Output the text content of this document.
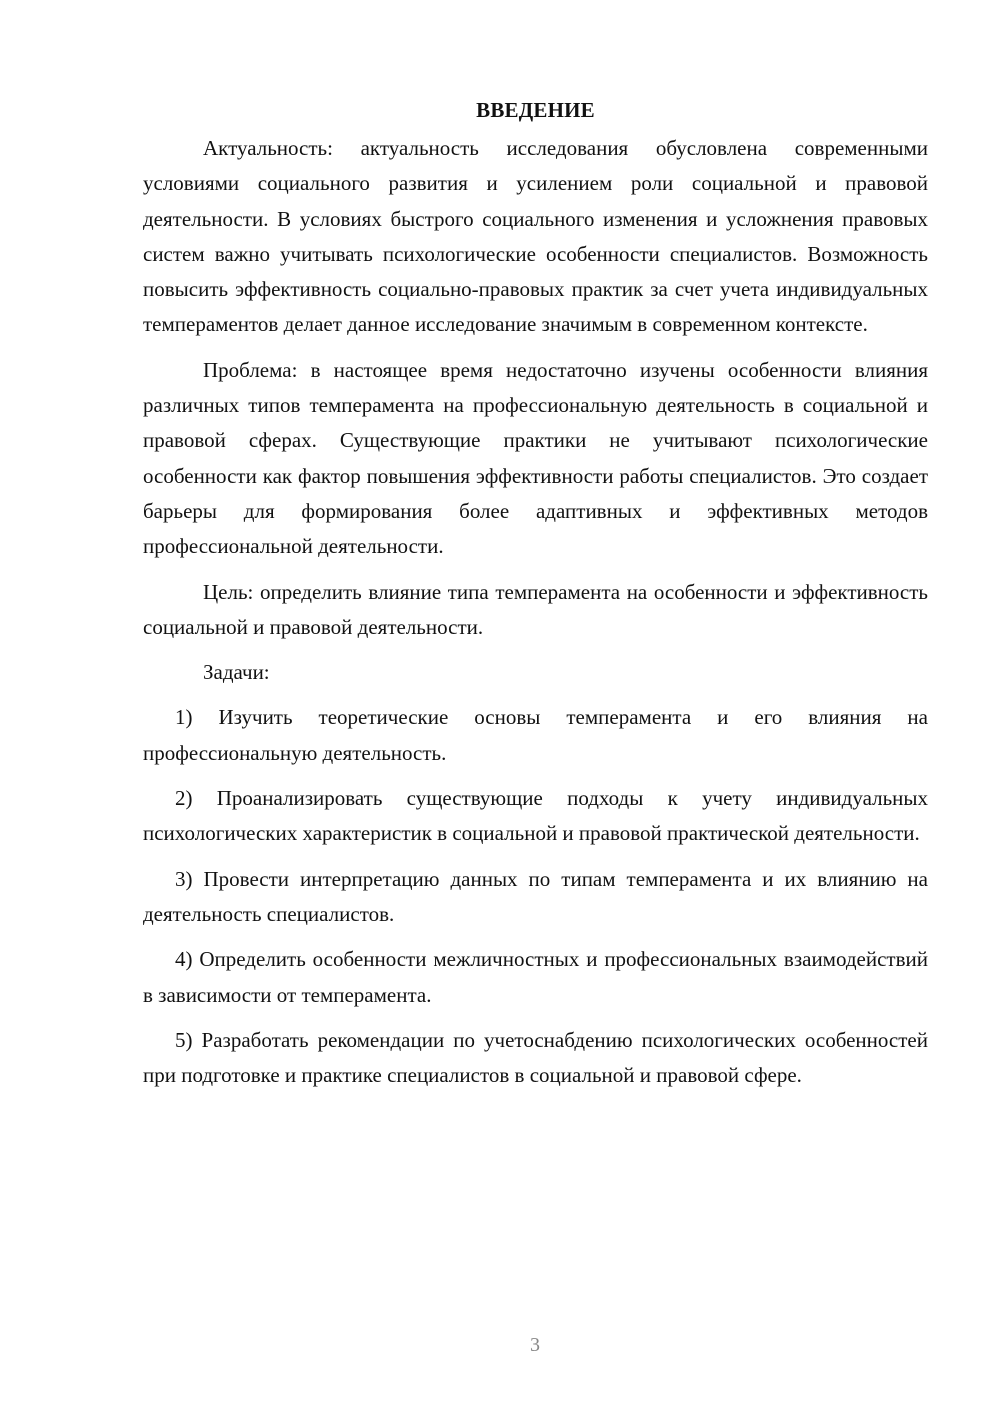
ВВЕДЕНИЕ

Актуальность: актуальность исследования обусловлена современными условиями социального развития и усилением роли социальной и правовой деятельности. В условиях быстрого социального изменения и усложнения правовых систем важно учитывать психологические особенности специалистов. Возможность повысить эффективность социально-правовых практик за счет учета индивидуальных темпераментов делает данное исследование значимым в современном контексте.

Проблема: в настоящее время недостаточно изучены особенности влияния различных типов темперамента на профессиональную деятельность в социальной и правовой сферах. Существующие практики не учитывают психологические особенности как фактор повышения эффективности работы специалистов. Это создает барьеры для формирования более адаптивных и эффективных методов профессиональной деятельности.

Цель: определить влияние типа темперамента на особенности и эффективность социальной и правовой деятельности.

Задачи:

1) Изучить теоретические основы темперамента и его влияния на профессиональную деятельность.

2) Проанализировать существующие подходы к учету индивидуальных психологических характеристик в социальной и правовой практической деятельности.

3) Провести интерпретацию данных по типам темперамента и их влиянию на деятельность специалистов.

4) Определить особенности межличностных и профессиональных взаимодействий в зависимости от темперамента.

5) Разработать рекомендации по учетоснабдению психологических особенностей при подготовке и практике специалистов в социальной и правовой сфере.

3
